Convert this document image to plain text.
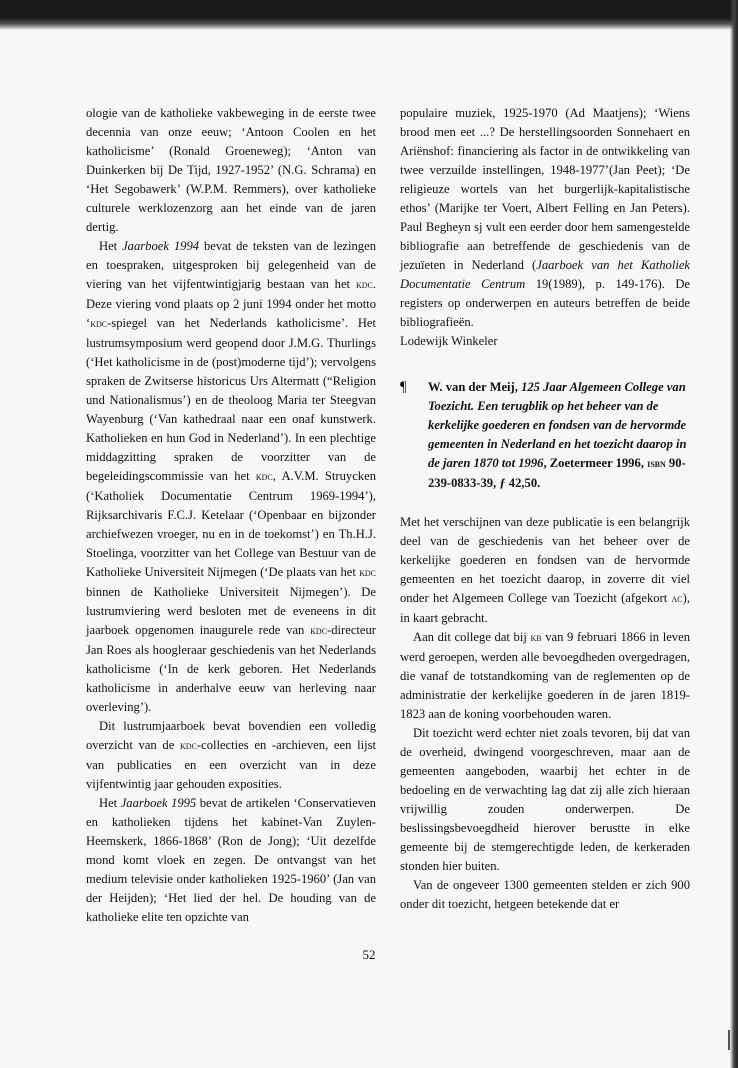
ologie van de katholieke vakbeweging in de eerste twee decennia van onze eeuw; ‘Antoon Coolen en het katholicisme’ (Ronald Groeneweg); ‘Anton van Duinkerken bij De Tijd, 1927-1952’ (N.G. Schrama) en ‘Het Segobawerk’ (W.P.M. Remmers), over katholieke culturele werklozenzorg aan het einde van de jaren dertig.

Het Jaarboek 1994 bevat de teksten van de lezingen en toespraken, uitgesproken bij gelegenheid van de viering van het vijfentwintigjarig bestaan van het kdc. Deze viering vond plaats op 2 juni 1994 onder het motto ‘kdc-spiegel van het Nederlands katholicisme’. Het lustrumsymposium werd geopend door J.M.G. Thurlings (‘Het katholicisme in de (post)moderne tijd’); vervolgens spraken de Zwitserse historicus Urs Altermatt (“Religion und Nationalismus’) en de theoloog Maria ter Steegvan Wayenburg (‘Van kathedraal naar een onaf kunstwerk. Katholieken en hun God in Nederland’). In een plechtige middagzitting spraken de voorzitter van de begeleidingscommissie van het kdc, A.V.M. Struycken (‘Katholiek Documentatie Centrum 1969-1994’), Rijksarchivaris F.C.J. Ketelaar (‘Openbaar en bijzonder archiefwezen vroeger, nu en in de toekomst’) en Th.H.J. Stoelinga, voorzitter van het College van Bestuur van de Katholieke Universiteit Nijmegen (‘De plaats van het kdc binnen de Katholieke Universiteit Nijmegen’). De lustrumviering werd besloten met de eveneens in dit jaarboek opgenomen inaugurele rede van kdc-directeur Jan Roes als hoogleraar geschiedenis van het Nederlands katholicisme (‘In de kerk geboren. Het Nederlands katholicisme in anderhalve eeuw van herleving naar overleving’).

Dit lustrumjaarboek bevat bovendien een volledig overzicht van de kdc-collecties en -archieven, een lijst van publicaties en een overzicht van in deze vijfentwintig jaar gehouden exposities.

Het Jaarboek 1995 bevat de artikelen ‘Conservatieven en katholieken tijdens het kabinet-Van Zuylen-Heemskerk, 1866-1868’ (Ron de Jong); ‘Uit dezelfde mond komt vloek en zegen. De ontvangst van het medium televisie onder katholieken 1925-1960’ (Jan van der Heijden); ‘Het lied der hel. De houding van de katholieke elite ten opzichte van

populaire muziek, 1925-1970 (Ad Maatjens); ‘Wiens brood men eet ...? De herstellingsoorden Sonnehaert en Ariënshof: financiering als factor in de ontwikkeling van twee verzuilde instellingen, 1948-1977’(Jan Peet); ‘De religieuze wortels van het burgerlijk-kapitalistische ethos’ (Marijke ter Voert, Albert Felling en Jan Peters). Paul Begheyn sj vult een eerder door hem samengestelde bibliografie aan betreffende de geschiedenis van de jezuïeten in Nederland (Jaarboek van het Katholiek Documentatie Centrum 19(1989), p. 149-176). De registers op onderwerpen en auteurs betreffen de beide bibliografieën.

Lodewijk Winkeler

¶ W. van der Meij, 125 Jaar Algemeen College van Toezicht. Een terugblik op het beheer van de kerkelijke goederen en fondsen van de hervormde gemeenten in Nederland en het toezicht daarop in de jaren 1870 tot 1996, Zoetermeer 1996, isbn 90-239-0833-39, ƒ 42,50.

Met het verschijnen van deze publicatie is een belangrijk deel van de geschiedenis van het beheer over de kerkelijke goederen en fondsen van de hervormde gemeenten en het toezicht daarop, in zoverre dit viel onder het Algemeen College van Toezicht (afgekort ac), in kaart gebracht.

Aan dit college dat bij kb van 9 februari 1866 in leven werd geroepen, werden alle bevoegdheden overgedragen, die vanaf de totstandkoming van de reglementen op de administratie der kerkelijke goederen in de jaren 1819-1823 aan de koning voorbehouden waren.

Dit toezicht werd echter niet zoals tevoren, bij dat van de overheid, dwingend voorgeschreven, maar aan de gemeenten aangeboden, waarbij het echter in de bedoeling en de verwachting lag dat zij alle zich hieraan vrijwillig zouden onderwerpen. De beslissingsbevoegdheid hierover berustte in elke gemeente bij de stemgerechtigde leden, de kerkeraden stonden hier buiten.

Van de ongeveer 1300 gemeenten stelden er zich 900 onder dit toezicht, hetgeen betekende dat er

52
